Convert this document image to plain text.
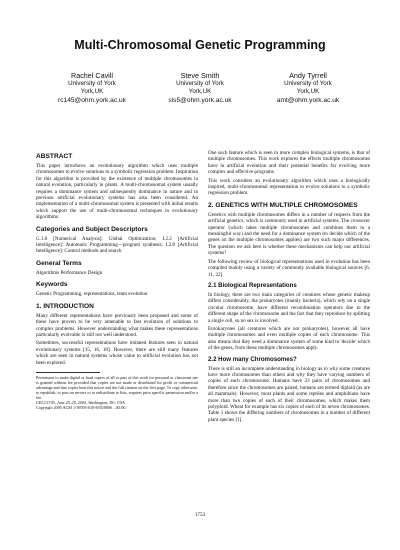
Multi-Chromosomal Genetic Programming
Rachel Cavill
University of York
York,UK
rc145@ohm.york.ac.uk
Steve Smith
University of York
York,UK
sls5@ohm.york.ac.uk
Andy Tyrrell
University of York
York,UK
amt@ohm.york.ac.uk
ABSTRACT
This paper introduces an evolutionary algorithm which uses multiple chromosomes to evolve solutions to a symbolic regression problem. Inspiration for this algorithm is provided by the existence of multiple chromosomes in natural evolution, particularly in plants. A multi-chromosomal system usually requires a dominance system and subsequently dominance in nature and in previous artificial evolutionary systems has also been considered. An implementation of a multi-chromosomal system is presented with initial results which support the use of multi-chromosomal techniques in evolutionary algorithms.
Categories and Subject Descriptors
G.1.6 [Numerical Analysis]: Global Optimization; I.2.2 [Artificial Intelligence]: Automatic Programming—program synthesis; I.2.8 [Artificial Intelligence]: Control methods and search
General Terms
Algorithms Performance Design
Keywords
Genetic Programming, representations, team evolution
1. INTRODUCTION
Many different representations have previously been proposed and some of these have proven to be very amenable to fast evolution of solutions to complex problems. However understanding what makes these representations particularly evolvable is still not well understood.
Sometimes, successful representations have imitated features seen in natural evolutionary systems [15, 16, 18]. However, there are still many features which are seen in natural systems whose value to artificial evolution has not been explored.
Permission to make digital or hard copies of all or part of this work for personal or classroom use is granted without fee provided that copies are not made or distributed for profit or commercial advantage and that copies bear this notice and the full citation on the first page. To copy otherwise, to republish, to post on servers or to redistribute to lists, requires prior specific permission and/or a fee.
GECCO'05, June 25–29, 2005, Washington, DC, USA.
Copyright 2005 ACM 1-59593-010-8/05/0006 ...$5.00.
One such feature which is seen in more complex biological systems, is that of multiple chromosomes. This work explores the effects multiple chromosomes have in artificial evolution and their potential benefits for evolving more complex and effective programs.
This work considers an evolutionary algorithm which uses a biologically inspired, multi-chromosomal representation to evolve solutions to a symbolic regression problem.
2. GENETICS WITH MULTIPLE CHROMOSOMES
Genetics with multiple chromosomes differs in a number of respects from the artificial genetics, which is commonly used in artificial systems. The crossover operator (which takes multiple chromosomes and combines them in a meaningful way) and the need for a dominance system (to decide which of the genes on the multiple chromosomes applies) are two such major differences. The question we ask here is whether these mechanisms can help our artificial systems?
The following review of biological representations used in evolution has been compiled mainly using a variety of commonly available biological sources [6, 11, 22].
2.1 Biological Representations
In biology, there are two main categories of creatures whose genetic makeup differs considerably, the prokaryotes (mainly bacteria), which rely on a single circular chromosome, have different recombination operators due to the different shape of the chromosome and the fact that they reproduce by splitting a single cell, so no sex is involved.
Eurokaryotes (all creatures which are not prokaryotes), however all have multiple chromosomes and even multiple copies of each chromosome. This also means that they need a dominance system of some kind to 'decide' which of the genes, from these multiple chromosomes apply.
2.2 How many Chromosomes?
There is still an incomplete understanding in biology as to why some creatures have more chromosomes than others and why they have varying numbers of copies of each chromosome. Humans have 23 pairs of chromosomes and therefore since the chromosomes are paired, humans are termed diploid (as are all mammals). However, most plants and some reptiles and amphibians have more than two copies of each of their chromosomes, which makes them polyploid. Wheat for example has six copies of each of its seven chromosomes. Table 1 shows the differing numbers of chromosomes in a number of different plant species [1].
1753
